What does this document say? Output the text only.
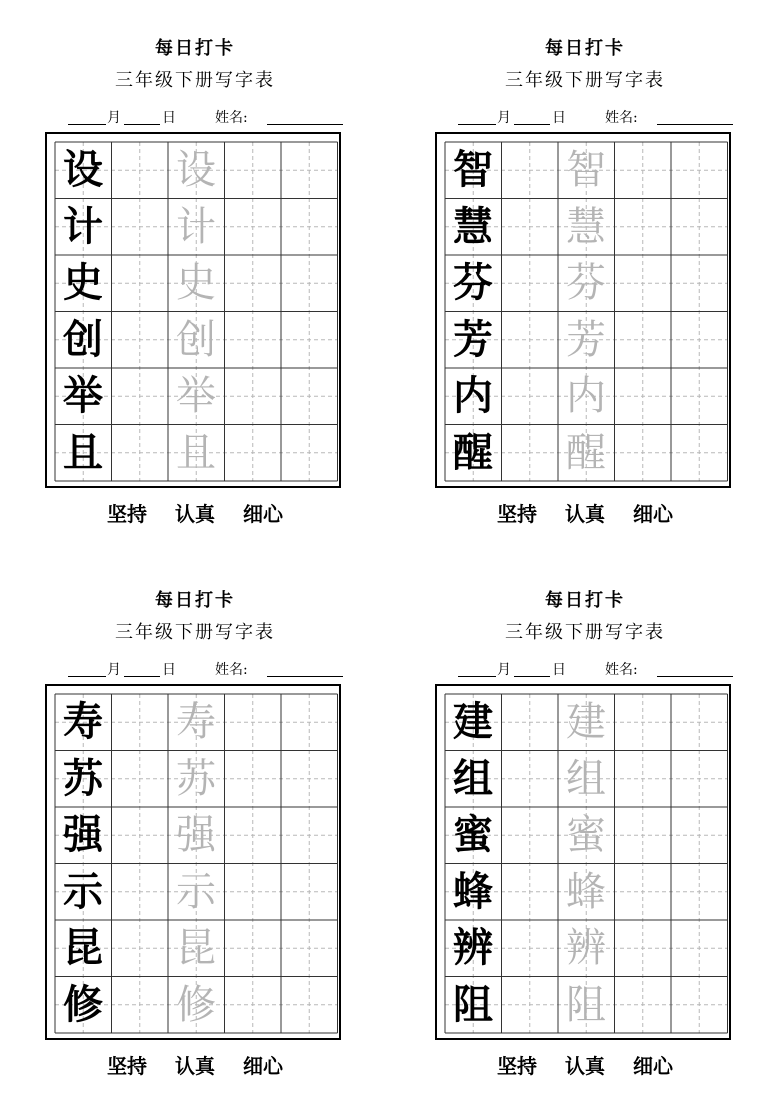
每日打卡
三年级下册写字表
月	日	姓名:
设 设
计 计
史 史
创 创
举 举
且 且
坚持 认真 细心
每日打卡
三年级下册写字表
月	日	姓名:
智 智
慧 慧
芬 芬
芳 芳
内 内
醒 醒
坚持 认真 细心
每日打卡
三年级下册写字表
月	日	姓名:
寿 寿
苏 苏
强 强
示 示
昆 昆
修 修
坚持 认真 细心
每日打卡
三年级下册写字表
月	日	姓名:
建 建
组 组
蜜 蜜
蜂 蜂
辨 辨
阻 阻
坚持 认真 细心
